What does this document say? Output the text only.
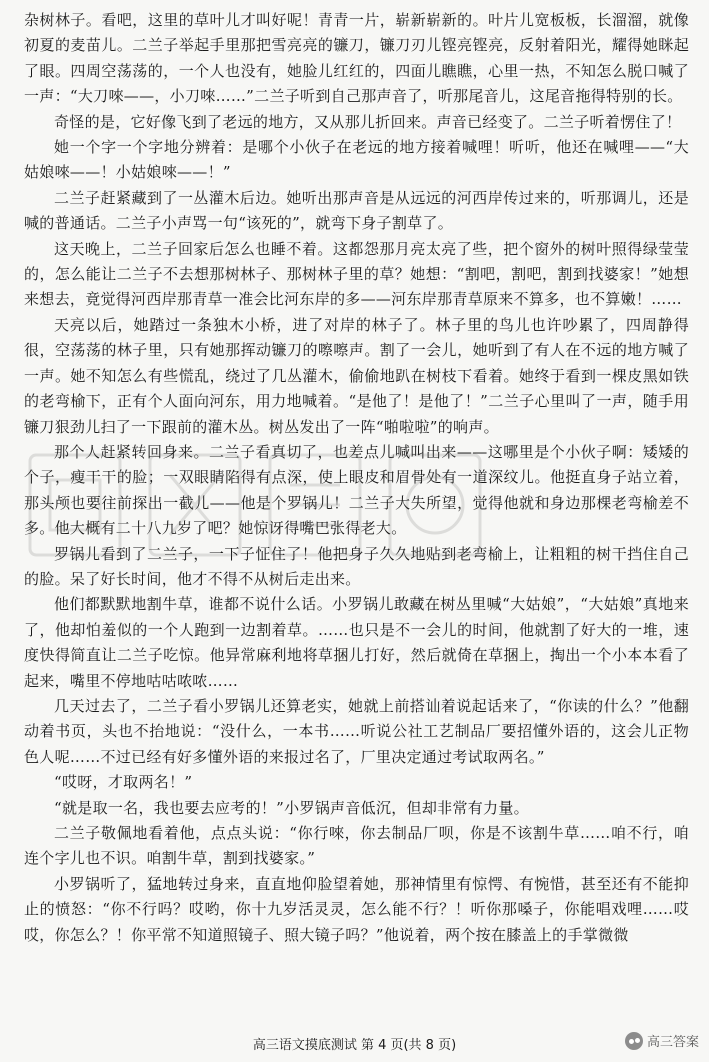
杂树林子。看吧，这里的草叶儿才叫好呢！青青一片，崭新崭新的。叶片儿宽板板，长溜溜，就像初夏的麦苗儿。二兰子举起手里那把雪亮亮的镰刀，镰刀刃儿铿亮铿亮，反射着阳光，耀得她眯起了眼。四周空荡荡的，一个人也没有，她脸儿红红的，四面儿瞧瞧，心里一热，不知怎么脱口喊了一声：“大刀唻——，小刀唻……”二兰子听到自己那声音了，听那尾音儿，这尾音拖得特别的长。

奇怪的是，它好像飞到了老远的地方，又从那儿折回来。声音已经变了。二兰子听着愣住了！

她一个字一个字地分辨着：是哪个小伙子在老远的地方接着喊哩！听听，他还在喊哩——“大姑娘唻——！小姑娘唻——！”

二兰子赶紧藏到了一丛灌木后边。她听出那声音是从远远的河西岸传过来的，听那调儿，还是喊的普通话。二兰子小声骂一句“该死的”，就弯下身子割草了。

这天晚上，二兰子回家后怎么也睡不着。这都怨那月亮太亮了些，把个窗外的树叶照得绿莹莹的，怎么能让二兰子不去想那树林子、那树林子里的草？她想：“割吧，割吧，割到找婆家！”她想来想去，竟觉得河西岸那青草一准会比河东岸的多——河东岸那青草原来不算多，也不算嫩！……

天亮以后，她踏过一条独木小桥，进了对岸的林子了。林子里的鸟儿也许吵累了，四周静得很，空荡荡的林子里，只有她那挥动镰刀的嚓嚓声。割了一会儿，她听到了有人在不远的地方喊了一声。她不知怎么有些慌乱，绕过了几丛灌木，偷偷地趴在树枝下看着。她终于看到一棵皮黑如铁的老弯榆下，正有个人面向河东，用力地喊着。“是他了！是他了！”二兰子心里叫了一声，随手用镰刀狠劲儿扫了一下跟前的灌木丛。树丛发出了一阵“啪啦啦”的响声。

那个人赶紧转回身来。二兰子看真切了，也差点儿喊叫出来——这哪里是个小伙子啊：矮矮的个子，瘦干干的脸；一双眼睛陷得有点深，使上眼皮和眉骨处有一道深纹儿。他挺直身子站立着，那头颅也要往前探出一截儿——他是个罗锅儿！二兰子大失所望，觉得他就和身边那棵老弯榆差不多。他大概有二十八九岁了吧？她惊讶得嘴巴张得老大。

罗锅儿看到了二兰子，一下子怔住了！他把身子久久地贴到老弯榆上，让粗粗的树干挡住自己的脸。呆了好长时间，他才不得不从树后走出来。

他们都默默地割牛草，谁都不说什么话。小罗锅儿敢藏在树丛里喊“大姑娘”，“大姑娘”真地来了，他却怕羞似的一个人跑到一边割着草。……也只是不一会儿的时间，他就割了好大的一堆，速度快得简直让二兰子吃惊。他异常麻利地将草捆儿打好，然后就倚在草捆上，掏出一个小本本看了起来，嘴里不停地咕咕哝哝……

几天过去了，二兰子看小罗锅儿还算老实，她就上前搭讪着说起话来了，“你读的什么？”他翻动着书页，头也不抬地说：“没什么，一本书……听说公社工艺制品厂要招懂外语的，这会儿正物色人呢……不过已经有好多懂外语的来报过名了，厂里决定通过考试取两名。”

“哎呀，才取两名！”

“就是取一名，我也要去应考的！”小罗锅声音低沉，但却非常有力量。

二兰子敬佩地看着他，点点头说：“你行唻，你去制品厂呗，你是不该割牛草……咱不行，咱连个字儿也不识。咱割牛草，割到找婆家。”

小罗锅听了，猛地转过身来，直直地仰脸望着她，那神情里有惊愕、有惋惜，甚至还有不能抑止的愤怒：“你不行吗？哎哟，你十九岁活灵灵，怎么能不行？！听你那嗓子，你能唱戏哩……哎哎，你怎么？！你平常不知道照镜子、照大镜子吗？”他说着，两个按在膝盖上的手掌微微

高三语文摸底测试 第 4 页(共 8 页)	高三答案
